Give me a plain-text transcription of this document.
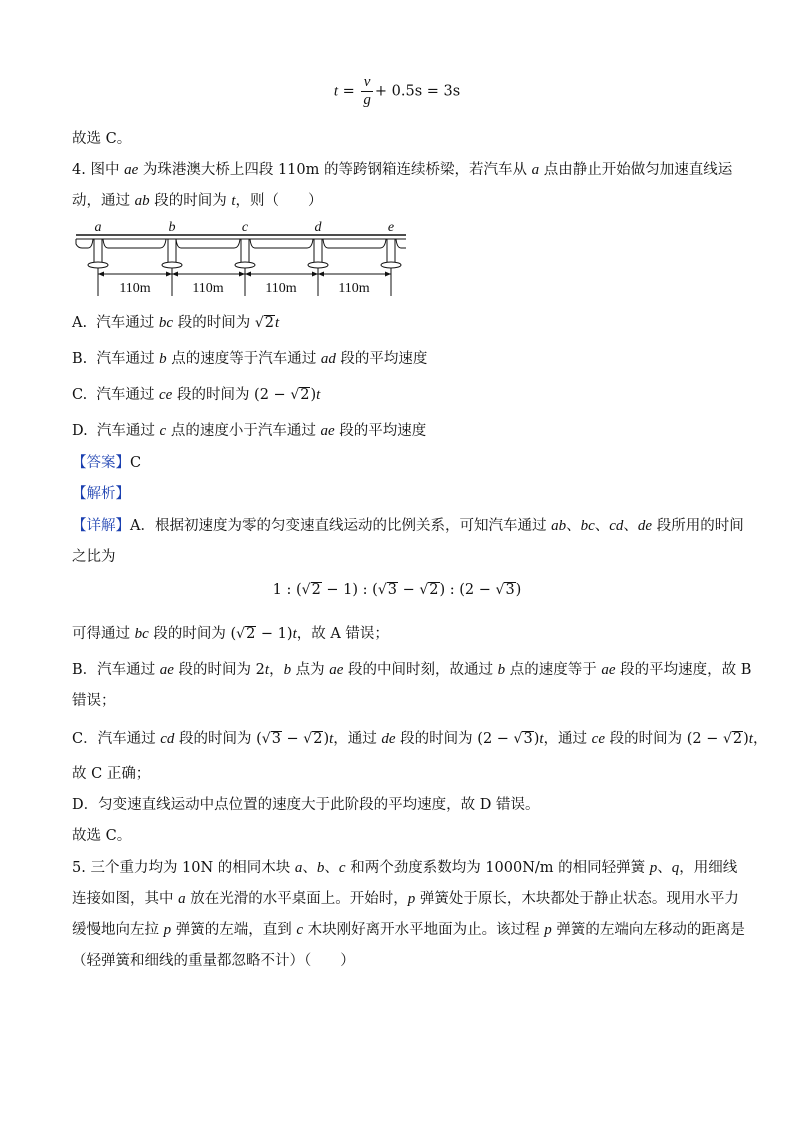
$t = \frac{v}{g} + 0.5s = 3s$
故选 C。
4. 图中 ae 为珠港澳大桥上四段 110m 的等跨钢箱连续桥梁，若汽车从 a 点由静止开始做匀加速直线运
动，通过 ab 段的时间为 t，则（　　）
a	b	c	d	e
110m	110m	110m	110m
A.  汽车通过 bc 段的时间为 √2t
B.  汽车通过 b 点的速度等于汽车通过 ad 段的平均速度
C.  汽车通过 ce 段的时间为 (2 − √2)t
D.  汽车通过 c 点的速度小于汽车通过 ae 段的平均速度
【答案】C
【解析】
【详解】A．根据初速度为零的匀变速直线运动的比例关系，可知汽车通过 ab、bc、cd、de 段所用的时间
之比为
1 : (√2 − 1) : (√3 − √2) : (2 − √3)
可得通过 bc 段的时间为 (√2 − 1)t，故 A 错误；
B．汽车通过 ae 段的时间为 2t，b 点为 ae 段的中间时刻，故通过 b 点的速度等于 ae 段的平均速度，故 B
错误；
C．汽车通过 cd 段的时间为 (√3 − √2)t，通过 de 段的时间为 (2 − √3)t，通过 ce 段的时间为 (2 − √2)t，
故 C 正确；
D．匀变速直线运动中点位置的速度大于此阶段的平均速度，故 D 错误。
故选 C。
5. 三个重力均为 10N 的相同木块 a、b、c 和两个劲度系数均为 1000N/m 的相同轻弹簧 p、q，用细线
连接如图，其中 a 放在光滑的水平桌面上。开始时，p 弹簧处于原长，木块都处于静止状态。现用水平力
缓慢地向左拉 p 弹簧的左端，直到 c 木块刚好离开水平地面为止。该过程 p 弹簧的左端向左移动的距离是
（轻弹簧和细线的重量都忽略不计）（　　）
